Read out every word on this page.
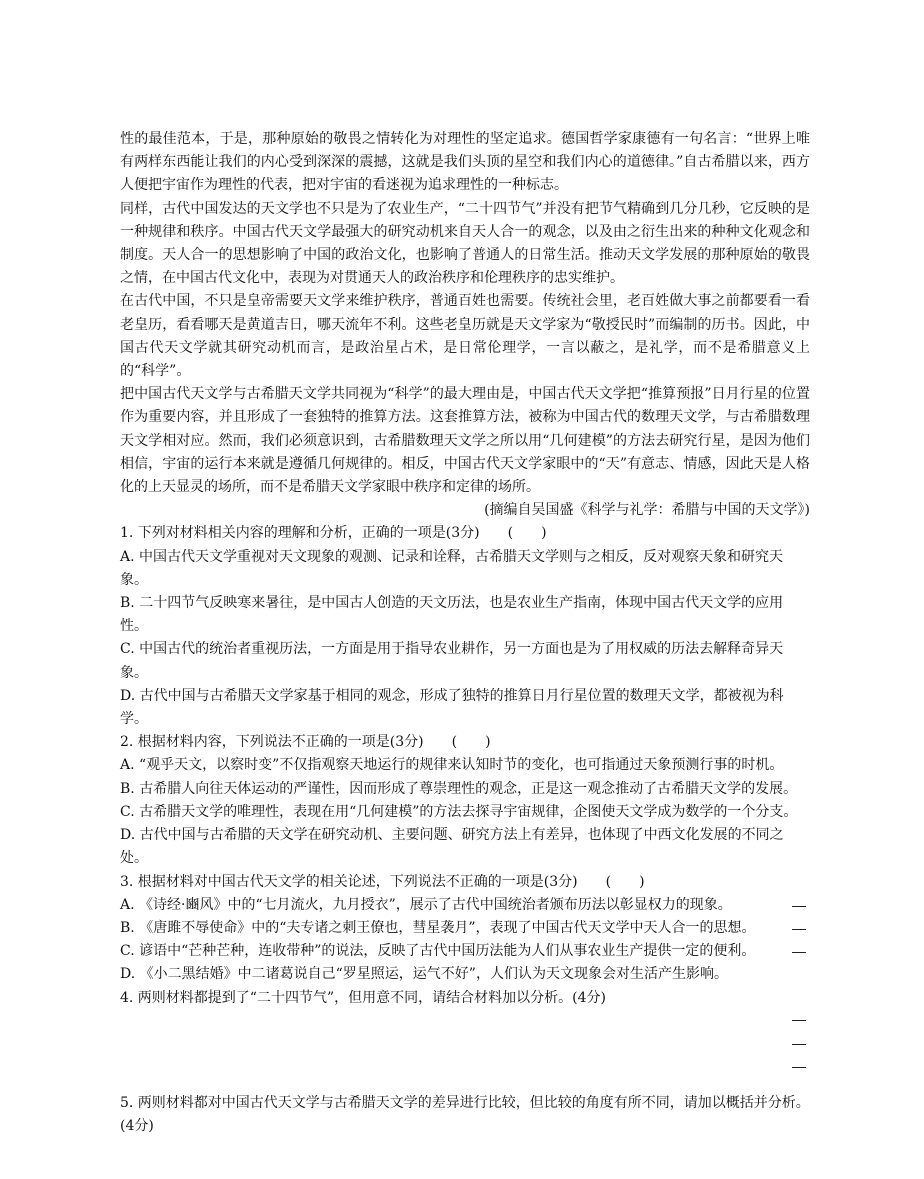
性的最佳范本，于是，那种原始的敬畏之情转化为对理性的坚定追求。德国哲学家康德有一句名言：“世界上唯有两样东西能让我们的内心受到深深的震撼，这就是我们头顶的星空和我们内心的道德律。”自古希腊以来，西方人便把宇宙作为理性的代表，把对宇宙的看迷视为追求理性的一种标志。

同样，古代中国发达的天文学也不只是为了农业生产，“二十四节气”并没有把节气精确到几分几秒，它反映的是一种规律和秩序。中国古代天文学最强大的研究动机来自天人合一的观念，以及由之衍生出来的种种文化观念和制度。天人合一的思想影响了中国的政治文化，也影响了普通人的日常生活。推动天文学发展的那种原始的敬畏之情，在中国古代文化中，表现为对贯通天人的政治秩序和伦理秩序的忠实维护。

在古代中国，不只是皇帝需要天文学来维护秩序，普通百姓也需要。传统社会里，老百姓做大事之前都要看一看老皇历，看看哪天是黄道吉日，哪天流年不利。这些老皇历就是天文学家为“敬授民时”而编制的历书。因此，中国古代天文学就其研究动机而言，是政治星占术，是日常伦理学，一言以蔽之，是礼学，而不是希腊意义上的“科学”。

把中国古代天文学与古希腊天文学共同视为“科学”的最大理由是，中国古代天文学把“推算预报”日月行星的位置作为重要内容，并且形成了一套独特的推算方法。这套推算方法，被称为中国古代的数理天文学，与古希腊数理天文学相对应。然而，我们必须意识到，古希腊数理天文学之所以用“几何建模”的方法去研究行星，是因为他们相信，宇宙的运行本来就是遵循几何规律的。相反，中国古代天文学家眼中的“天”有意志、情感，因此天是人格化的上天显灵的场所，而不是希腊天文学家眼中秩序和定律的场所。

(摘编自吴国盛《科学与礼学：希腊与中国的天文学》)

1. 下列对材料相关内容的理解和分析，正确的一项是(3分)　　(　　)

A. 中国古代天文学重视对天文现象的观测、记录和诠释，古希腊天文学则与之相反，反对观察天象和研究天象。

B. 二十四节气反映寒来暑往，是中国古人创造的天文历法，也是农业生产指南，体现中国古代天文学的应用性。

C. 中国古代的统治者重视历法，一方面是用于指导农业耕作，另一方面也是为了用权威的历法去解释奇异天象。

D. 古代中国与古希腊天文学家基于相同的观念，形成了独特的推算日月行星位置的数理天文学，都被视为科学。

2. 根据材料内容，下列说法不正确的一项是(3分)　　(　　)

A. “观乎天文，以察时变”不仅指观察天地运行的规律来认知时节的变化，也可指通过天象预测行事的时机。

B. 古希腊人向往天体运动的严谨性，因而形成了尊崇理性的观念，正是这一观念推动了古希腊天文学的发展。

C. 古希腊天文学的唯理性，表现在用“几何建模”的方法去探寻宇宙规律，企图使天文学成为数学的一个分支。

D. 古代中国与古希腊的天文学在研究动机、主要问题、研究方法上有差异，也体现了中西文化发展的不同之处。

3. 根据材料对中国古代天文学的相关论述，下列说法不正确的一项是(3分)　　(　　)

A. 《诗经·豳风》中的“七月流火，九月授衣”，展示了古代中国统治者颁布历法以彰显权力的现象。

B. 《唐雎不辱使命》中的“夫专诸之刺王僚也，彗星袭月”，表现了中国古代天文学中天人合一的思想。

C. 谚语中“芒种芒种，连收带种”的说法，反映了古代中国历法能为人们从事农业生产提供一定的便利。

D. 《小二黑结婚》中二诸葛说自己“罗星照运，运气不好”，人们认为天文现象会对生活产生影响。

4. 两则材料都提到了“二十四节气”，但用意不同，请结合材料加以分析。(4分)

5. 两则材料都对中国古代天文学与古希腊天文学的差异进行比较，但比较的角度有所不同，请加以概括并分析。(4分)
